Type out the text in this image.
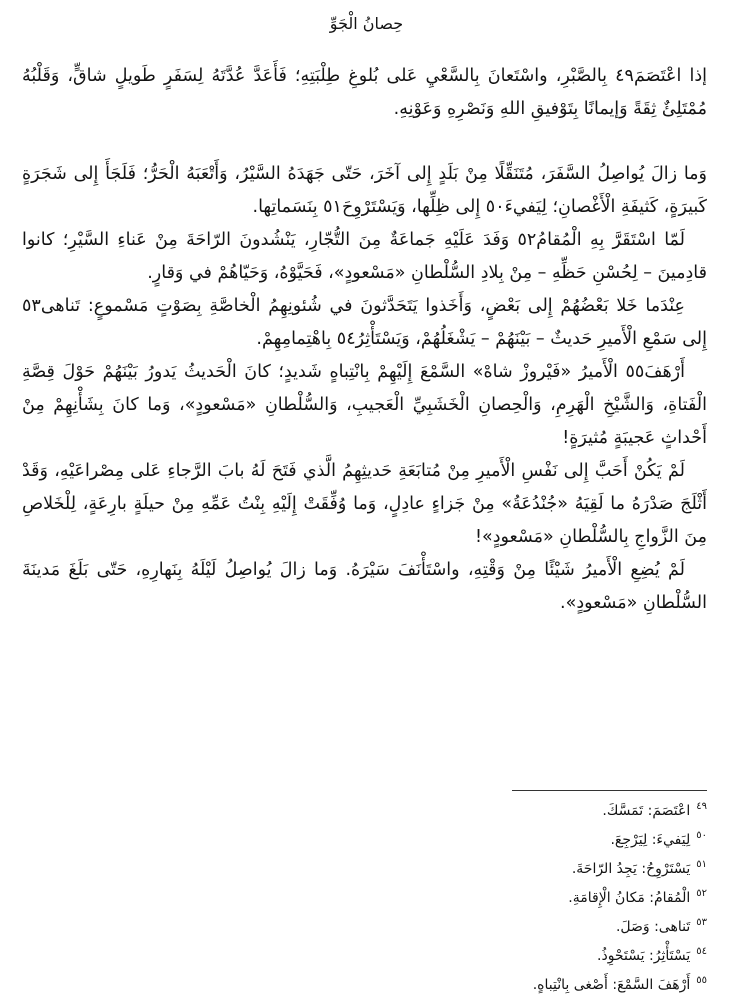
حِصانُ الْجَوِّ

إذا اعْتَصَمَ٤٩ بِالصَّبْرِ، واسْتَعانَ بِالسَّعْيِ عَلى بُلوغِ طِلْبَتِهِ؛ فَأَعَدَّ عُدَّتَهُ لِسَفَرٍ طَويلٍ شاقٍّ، وَقَلْبُهُ مُمْتَلِئٌ ثِقَةً وَإيمانًا بِتَوْفيقِ اللهِ وَنَصْرِهِ وَعَوْنِهِ.

وَما زالَ يُواصِلُ السَّفَرَ، مُتَنَقِّلًا مِنْ بَلَدٍ إِلى آخَرَ، حَتّى جَهَدَهُ السَّيْرُ، وَأَتْعَبَهُ الْحَرُّ؛ فَلَجَأَ إِلى شَجَرَةٍ كَبيرَةٍ، كَثيفَةِ الْأَغْصانِ؛ لِيَفيءَ٥٠ إِلى ظِلِّها، وَيَسْتَرْوِحَ٥١ بِنَسَماتِها.

لَمّا اسْتَقَرَّ بِهِ الْمُقامُ٥٢ وَفَدَ عَلَيْهِ جَماعَةٌ مِنَ التُّجّارِ، يَنْشُدونَ الرّاحَةَ مِنْ عَناءِ السَّيْرِ؛ كانوا قادِمينَ – لِحُسْنِ حَظِّهِ – مِنْ بِلادِ السُّلْطانِ «مَسْعودٍ»، فَحَيَّوْهُ، وَحَيّاهُمْ في وَقارٍ.

عِنْدَما خَلا بَعْضُهُمْ إِلى بَعْضٍ، وَأَخَذوا يَتَحَدَّثونَ في شُئونِهِمُ الْخاصَّةِ بِصَوْتٍ مَسْموعٍ: تَناهى٥٣ إِلى سَمْعِ الْأَميرِ حَديثٌ – بَيْنَهُمْ – يَشْغَلُهُمْ، وَيَسْتَأْثِرُ٥٤ بِاهْتِمامِهِمْ.

أَرْهَفَ٥٥ الْأَميرُ «فَيْروزْ شاهْ» السَّمْعَ إِلَيْهِمْ بِانْتِباهٍ شَديدٍ؛ كانَ الْحَديثُ يَدورُ بَيْنَهُمْ حَوْلَ قِصَّةِ الْفَتاةِ، وَالشَّيْخِ الْهَرِمِ، وَالْحِصانِ الْخَشَبِيِّ الْعَجيبِ، وَالسُّلْطانِ «مَسْعودٍ»، وَما كانَ بِشَأْنِهِمْ مِنْ أَحْداثٍ عَجيبَةٍ مُثيرَةٍ!

لَمْ يَكُنْ أَحَبَّ إِلى نَفْسِ الْأَميرِ مِنْ مُتابَعَةِ حَديثِهِمُ الَّذي فَتَحَ لَهُ بابَ الرَّجاءِ عَلى مِصْراعَيْهِ، وَقَدْ أَثْلَجَ صَدْرَهُ ما لَقِيَهُ «جُنْدُعَةُ» مِنْ جَزاءٍ عادِلٍ، وَما وُفِّقَتْ إِلَيْهِ بِنْتُ عَمِّهِ مِنْ حيلَةٍ بارِعَةٍ، لِلْخَلاصِ مِنَ الزَّواجِ بِالسُّلْطانِ «مَسْعودٍ»!

لَمْ يُضِعِ الْأَميرُ شَيْئًا مِنْ وَقْتِهِ، واسْتَأْنَفَ سَيْرَهُ. وَما زالَ يُواصِلُ لَيْلَهُ بِنَهارِهِ، حَتّى بَلَغَ مَدينَةَ السُّلْطانِ «مَسْعودٍ».

$^{٤٩}$اعْتَصَمَ: تَمَسَّكَ.
$^{٥٠}$لِيَفيءَ: لِيَرْجِعَ.
$^{٥١}$يَسْتَرْوِحُ: يَجِدُ الرّاحَةَ.
$^{٥٢}$الْمُقامُ: مَكانُ الْإِقامَةِ.
$^{٥٣}$تَناهى: وَصَلَ.
$^{٥٤}$يَسْتَأْثِرُ: يَسْتَحْوِذُ.
$^{٥٥}$أَرْهَفَ السَّمْعَ: أَصْغى بِانْتِباهٍ.
